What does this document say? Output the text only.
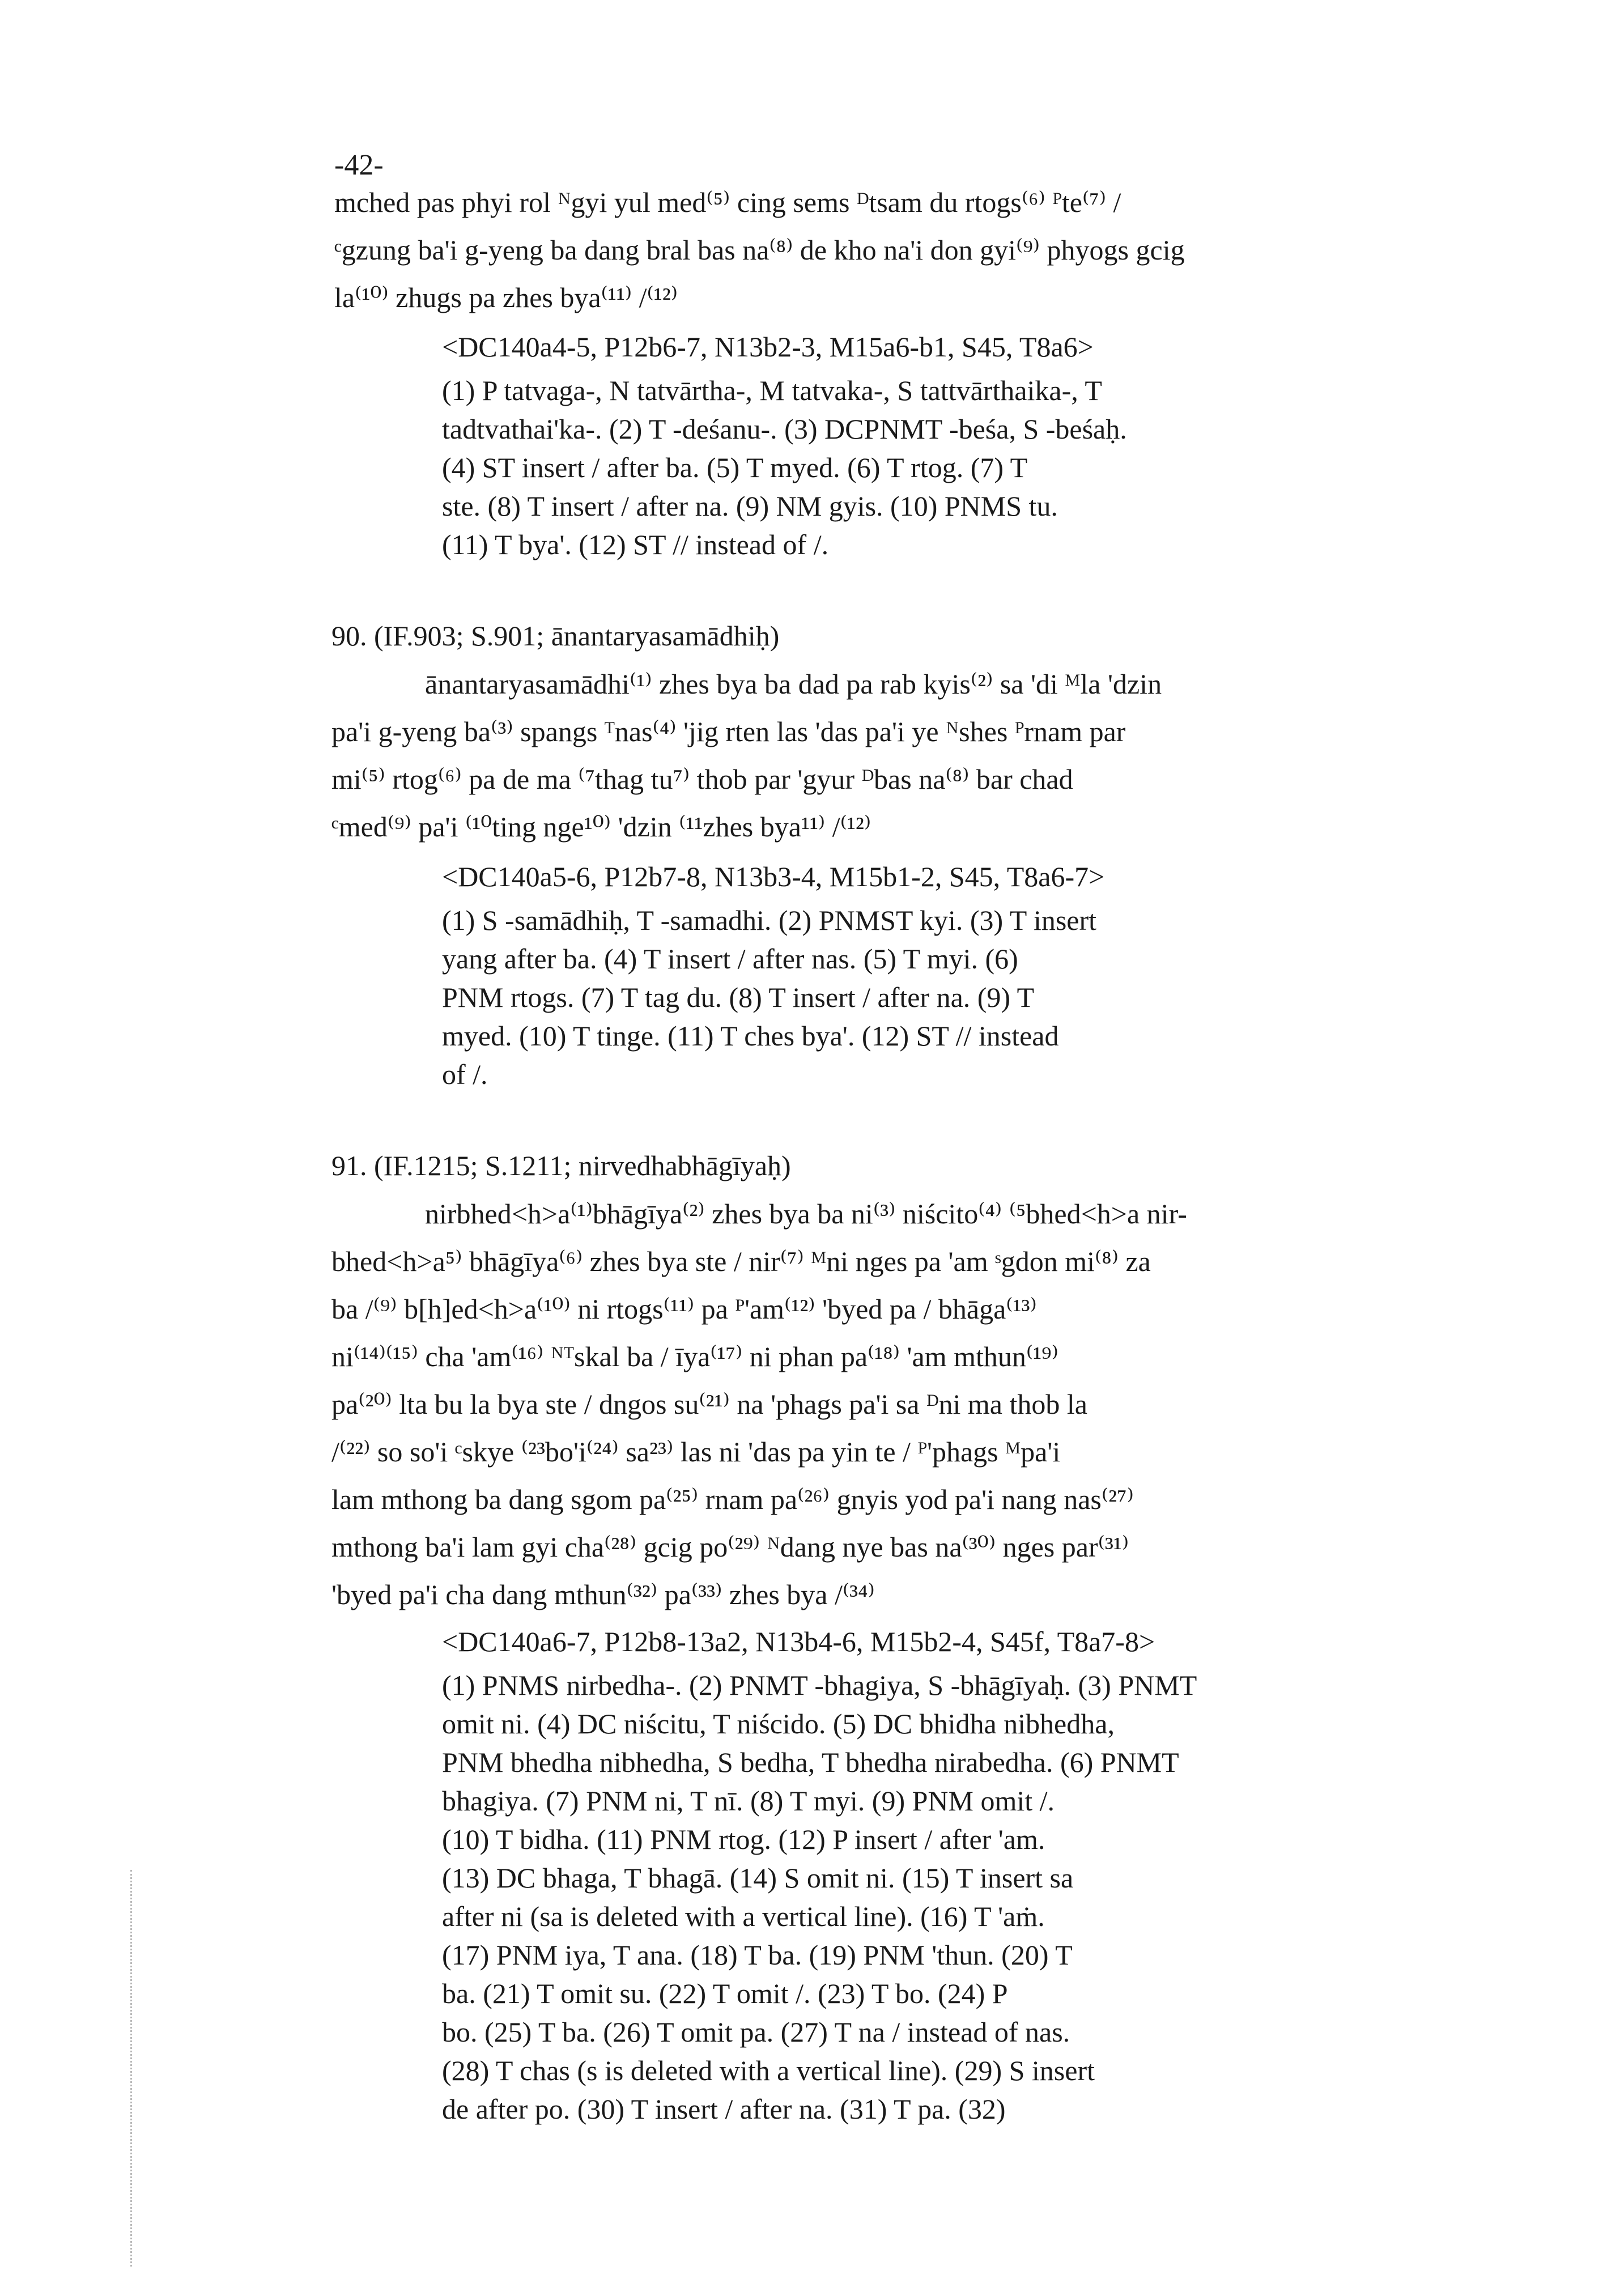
-42-
mched pas phyi rol ᴺgyi yul med⁽⁵⁾ cing sems ᴰtsam du rtogs⁽⁶⁾ ᴾte⁽⁷⁾ /
ᶜgzung ba'i g-yeng ba dang bral bas na⁽⁸⁾ de kho na'i don gyi⁽⁹⁾ phyogs gcig
la⁽¹⁰⁾ zhugs pa zhes bya⁽¹¹⁾ /⁽¹²⁾
<DC140a4-5, P12b6-7, N13b2-3, M15a6-b1, S45, T8a6>
(1) P tatvaga-, N tatvārtha-, M tatvaka-, S tattvārthaika-, T
tadtvathai'ka-. (2) T -deśanu-. (3) DCPNMT -beśa, S -beśaḥ.
(4) ST insert / after ba. (5) T myed. (6) T rtog. (7) T
ste. (8) T insert / after na. (9) NM gyis. (10) PNMS tu.
(11) T bya'. (12) ST // instead of /.
90. (IF.903; S.901; ānantaryasamādhiḥ)
ānantaryasamādhi⁽¹⁾ zhes bya ba dad pa rab kyis⁽²⁾ sa 'di ᴹla 'dzin
pa'i g-yeng ba⁽³⁾ spangs ᵀnas⁽⁴⁾ 'jig rten las 'das pa'i ye ᴺshes ᴾrnam par
mi⁽⁵⁾ rtog⁽⁶⁾ pa de ma ⁽⁷thag tu⁷⁾ thob par 'gyur ᴰbas na⁽⁸⁾ bar chad
ᶜmed⁽⁹⁾ pa'i ⁽¹⁰ting nge¹⁰⁾ 'dzin ⁽¹¹zhes bya¹¹⁾ /⁽¹²⁾
<DC140a5-6, P12b7-8, N13b3-4, M15b1-2, S45, T8a6-7>
(1) S -samādhiḥ, T -samadhi. (2) PNMST kyi. (3) T insert
yang after ba. (4) T insert / after nas. (5) T myi. (6)
PNM rtogs. (7) T tag du. (8) T insert / after na. (9) T
myed. (10) T tinge. (11) T ches bya'. (12) ST // instead
of /.
91. (IF.1215; S.1211; nirvedhabhāgīyaḥ)
nirbhed<h>a⁽¹⁾bhāgīya⁽²⁾ zhes bya ba ni⁽³⁾ niścito⁽⁴⁾ ⁽⁵bhed<h>a nir-
bhed<h>a⁵⁾ bhāgīya⁽⁶⁾ zhes bya ste / nir⁽⁷⁾ ᴹni nges pa 'am ˢgdon mi⁽⁸⁾ za
ba /⁽⁹⁾ b[h]ed<h>a⁽¹⁰⁾ ni rtogs⁽¹¹⁾ pa ᴾ'am⁽¹²⁾ 'byed pa / bhāga⁽¹³⁾
ni⁽¹⁴⁾⁽¹⁵⁾ cha 'am⁽¹⁶⁾ ᴺᵀskal ba / īya⁽¹⁷⁾ ni phan pa⁽¹⁸⁾ 'am mthun⁽¹⁹⁾
pa⁽²⁰⁾ lta bu la bya ste / dngos su⁽²¹⁾ na 'phags pa'i sa ᴰni ma thob la
/⁽²²⁾ so so'i ᶜskye ⁽²³bo'i⁽²⁴⁾ sa²³⁾ las ni 'das pa yin te / ᴾ'phags ᴹpa'i
lam mthong ba dang sgom pa⁽²⁵⁾ rnam pa⁽²⁶⁾ gnyis yod pa'i nang nas⁽²⁷⁾
mthong ba'i lam gyi cha⁽²⁸⁾ gcig po⁽²⁹⁾ ᴺdang nye bas na⁽³⁰⁾ nges par⁽³¹⁾
'byed pa'i cha dang mthun⁽³²⁾ pa⁽³³⁾ zhes bya /⁽³⁴⁾
<DC140a6-7, P12b8-13a2, N13b4-6, M15b2-4, S45f, T8a7-8>
(1) PNMS nirbedha-. (2) PNMT -bhagiya, S -bhāgīyaḥ. (3) PNMT
omit ni. (4) DC niścitu, T niścido. (5) DC bhidha nibhedha,
PNM bhedha nibhedha, S bedha, T bhedha nirabedha. (6) PNMT
bhagiya. (7) PNM ni, T nī. (8) T myi. (9) PNM omit /.
(10) T bidha. (11) PNM rtog. (12) P insert / after 'am.
(13) DC bhaga, T bhagā. (14) S omit ni. (15) T insert sa
after ni (sa is deleted with a vertical line). (16) T 'aṁ.
(17) PNM iya, T ana. (18) T ba. (19) PNM 'thun. (20) T
ba. (21) T omit su. (22) T omit /. (23) T bo. (24) P
bo. (25) T ba. (26) T omit pa. (27) T na / instead of nas.
(28) T chas (s is deleted with a vertical line). (29) S insert
de after po. (30) T insert / after na. (31) T pa. (32)
